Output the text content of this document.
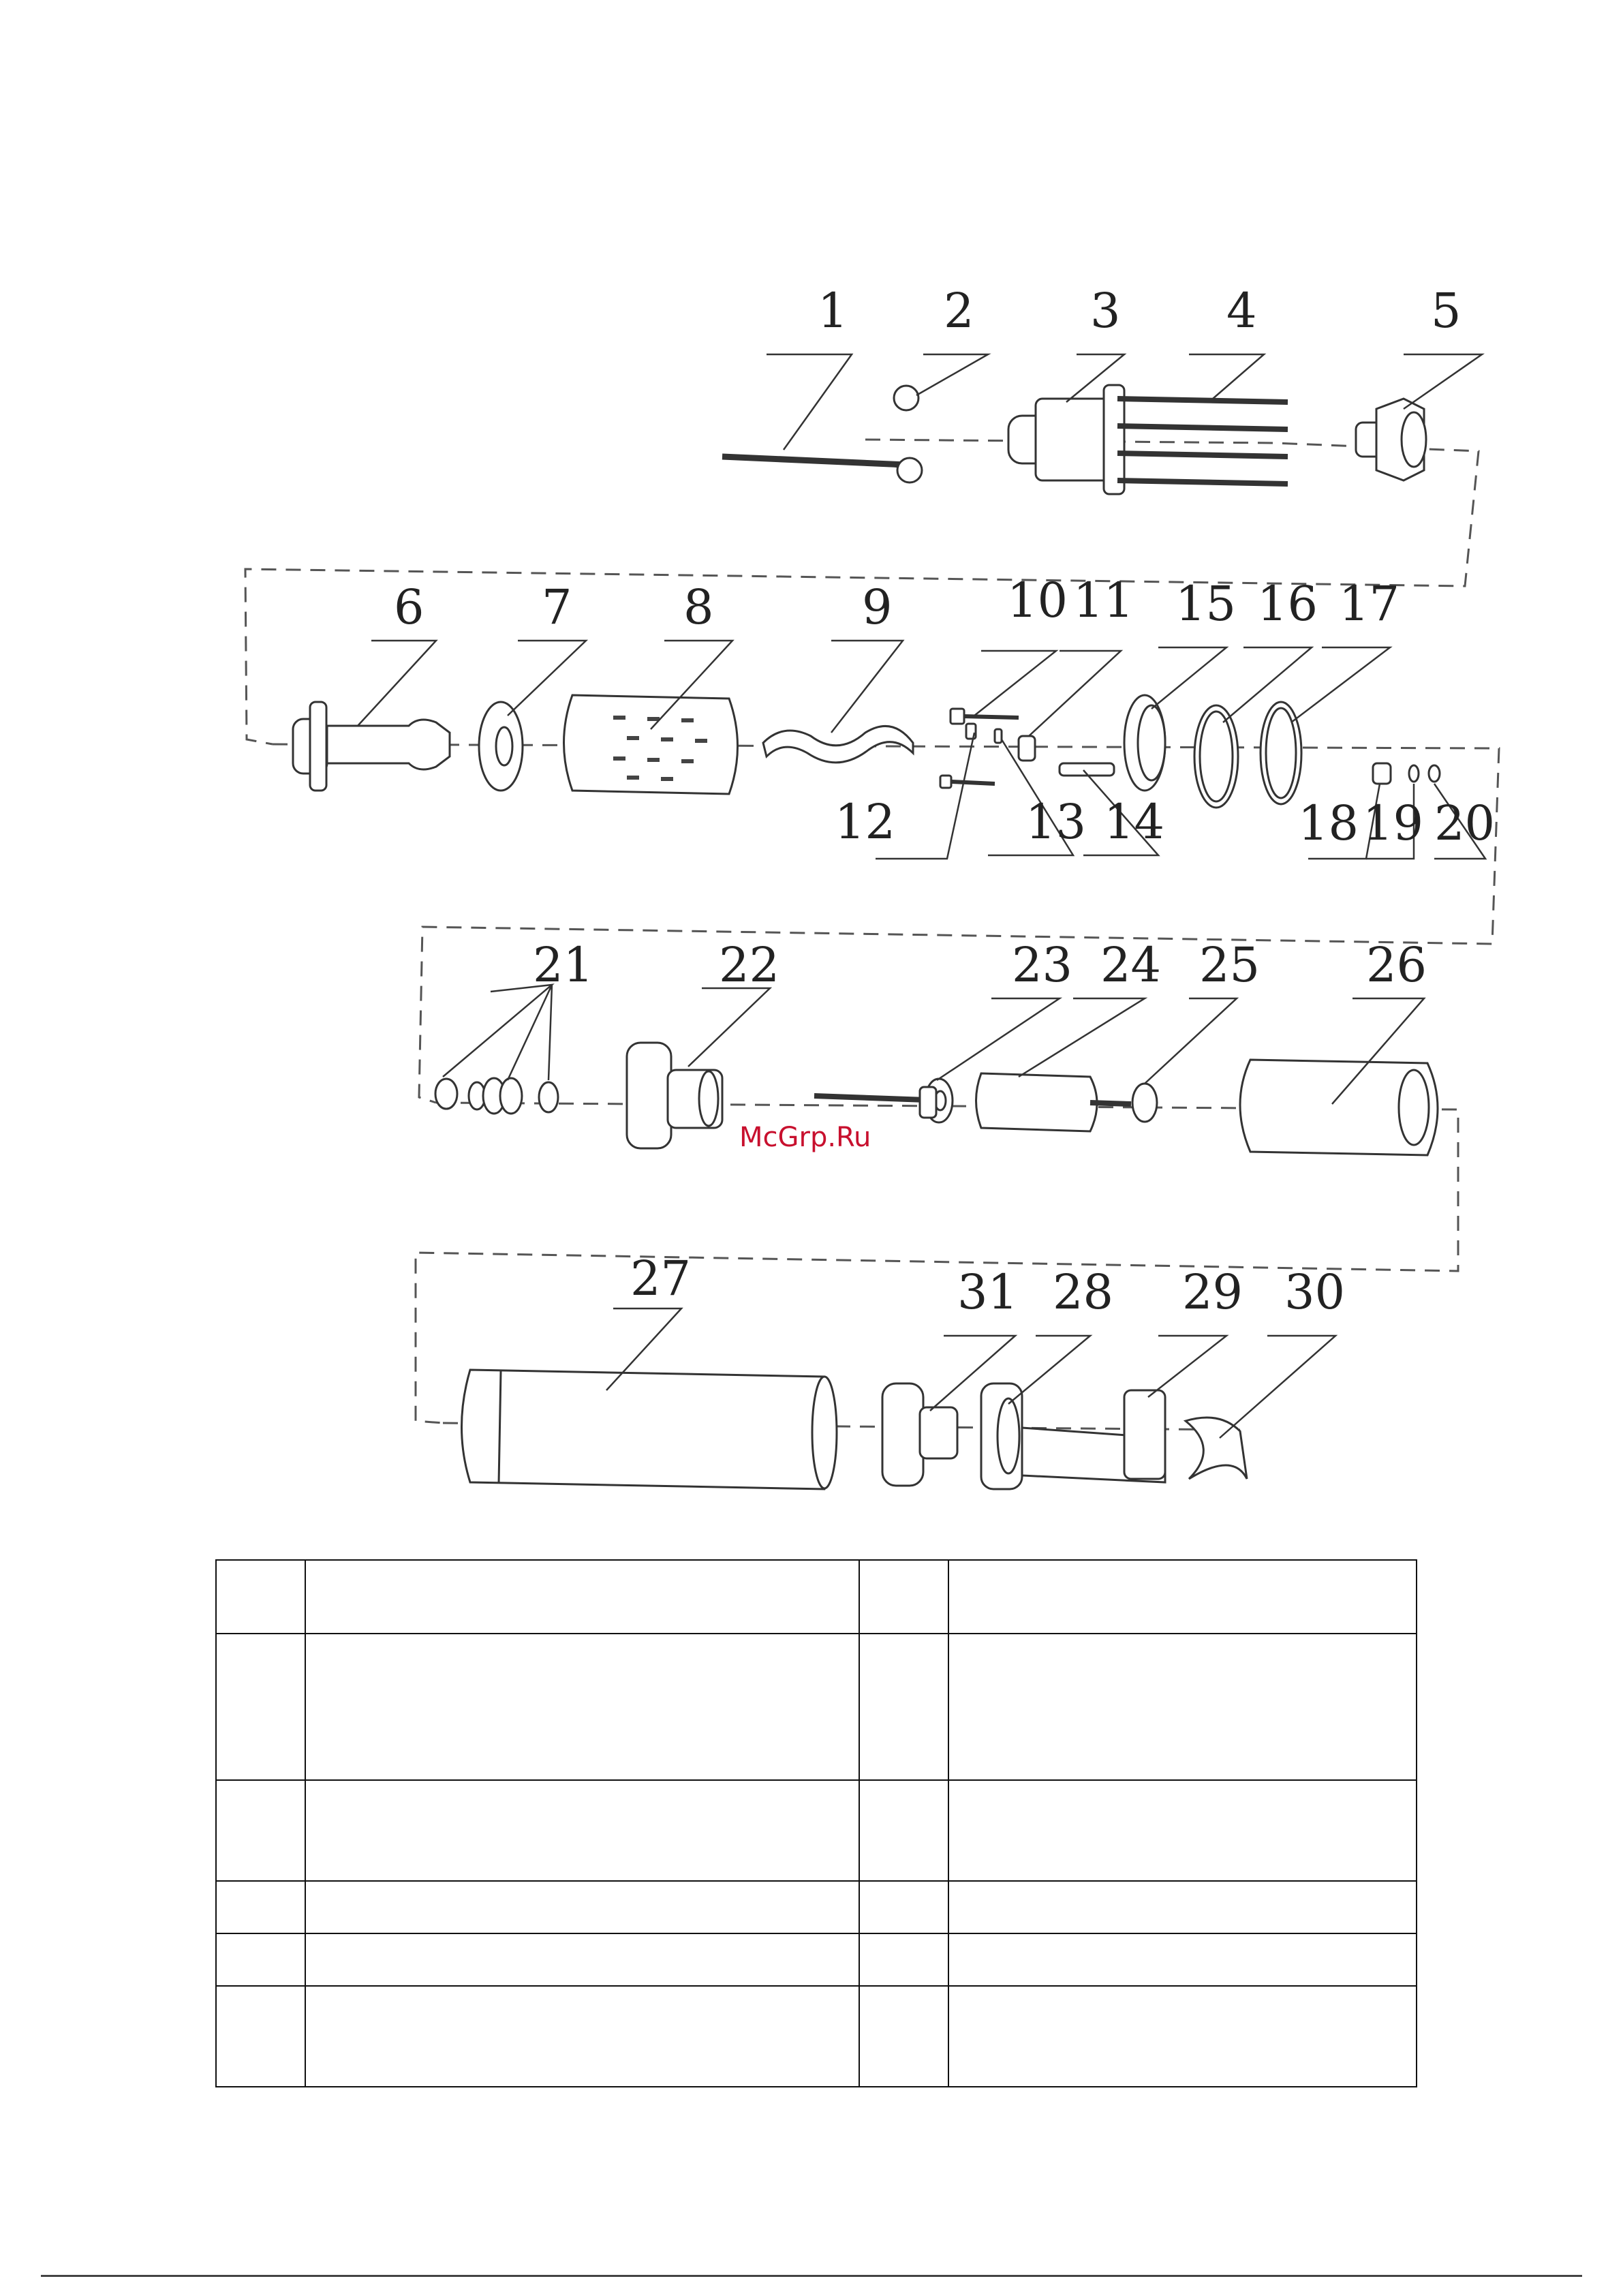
1 2 3 4	5
6 7 8	9 10 11
12	13 14
15 16 17
18 19 20
21	22	23 24 25 26
27	28 29 30
31
McGrp.Ru
